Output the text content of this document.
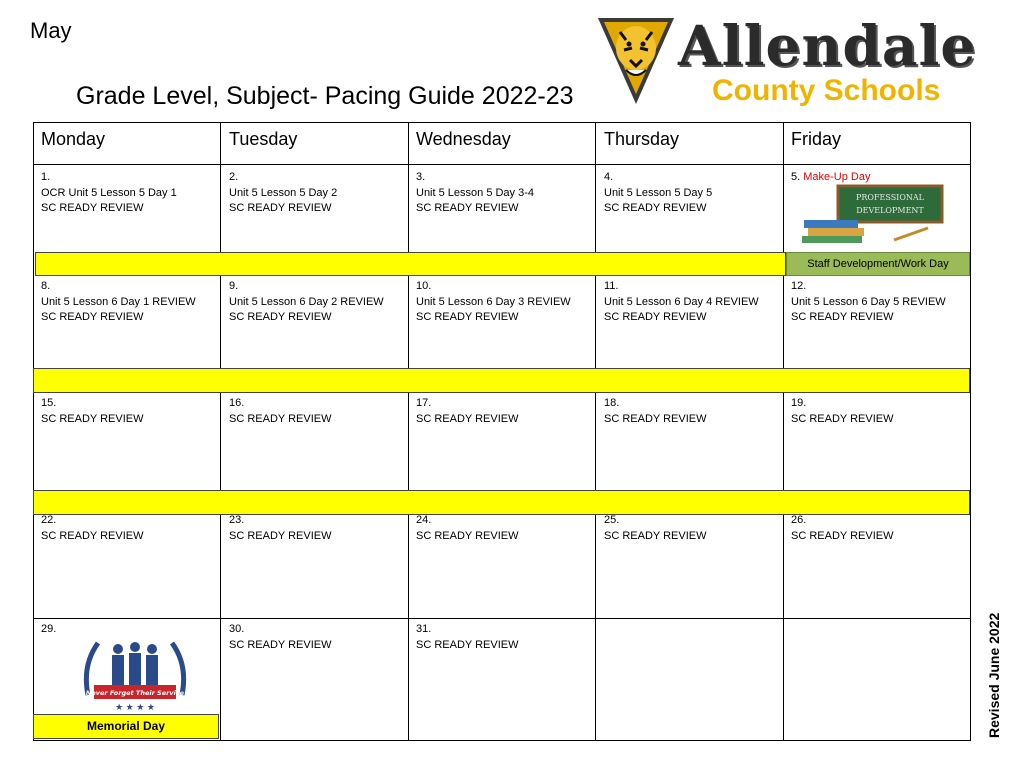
May
Grade Level, Subject- Pacing Guide 2022-23
Allendale
County Schools
Monday	Tuesday	Wednesday	Thursday	Friday
1.
OCR Unit 5 Lesson 5 Day 1
SC READY REVIEW
2.
Unit 5 Lesson 5 Day 2
SC READY REVIEW
3.
Unit 5 Lesson 5 Day 3-4
SC READY REVIEW
4.
Unit 5 Lesson 5 Day 5
SC READY REVIEW
5. Make-Up Day
8.
Unit 5 Lesson 6 Day 1 REVIEW
SC READY REVIEW
9.
Unit 5 Lesson 6 Day 2 REVIEW
SC READY REVIEW
10.
Unit 5 Lesson 6 Day 3 REVIEW
SC READY REVIEW
11.
Unit 5 Lesson 6 Day 4 REVIEW
SC READY REVIEW
12.
Unit 5 Lesson 6 Day 5 REVIEW
SC READY REVIEW
15.
SC READY REVIEW
16.
SC READY REVIEW
17.
SC READY REVIEW
18.
SC READY REVIEW
19.
SC READY REVIEW
22.
SC READY REVIEW
23.
SC READY REVIEW
24.
SC READY REVIEW
25.
SC READY REVIEW
26.
SC READY REVIEW
29.	30.
SC READY REVIEW
31.
SC READY REVIEW
PROFESSIONAL
DEVELOPMENT
Staff Development/Work Day
Never Forget Their Service
★ ★ ★ ★
Memorial Day	Revised June 2022
